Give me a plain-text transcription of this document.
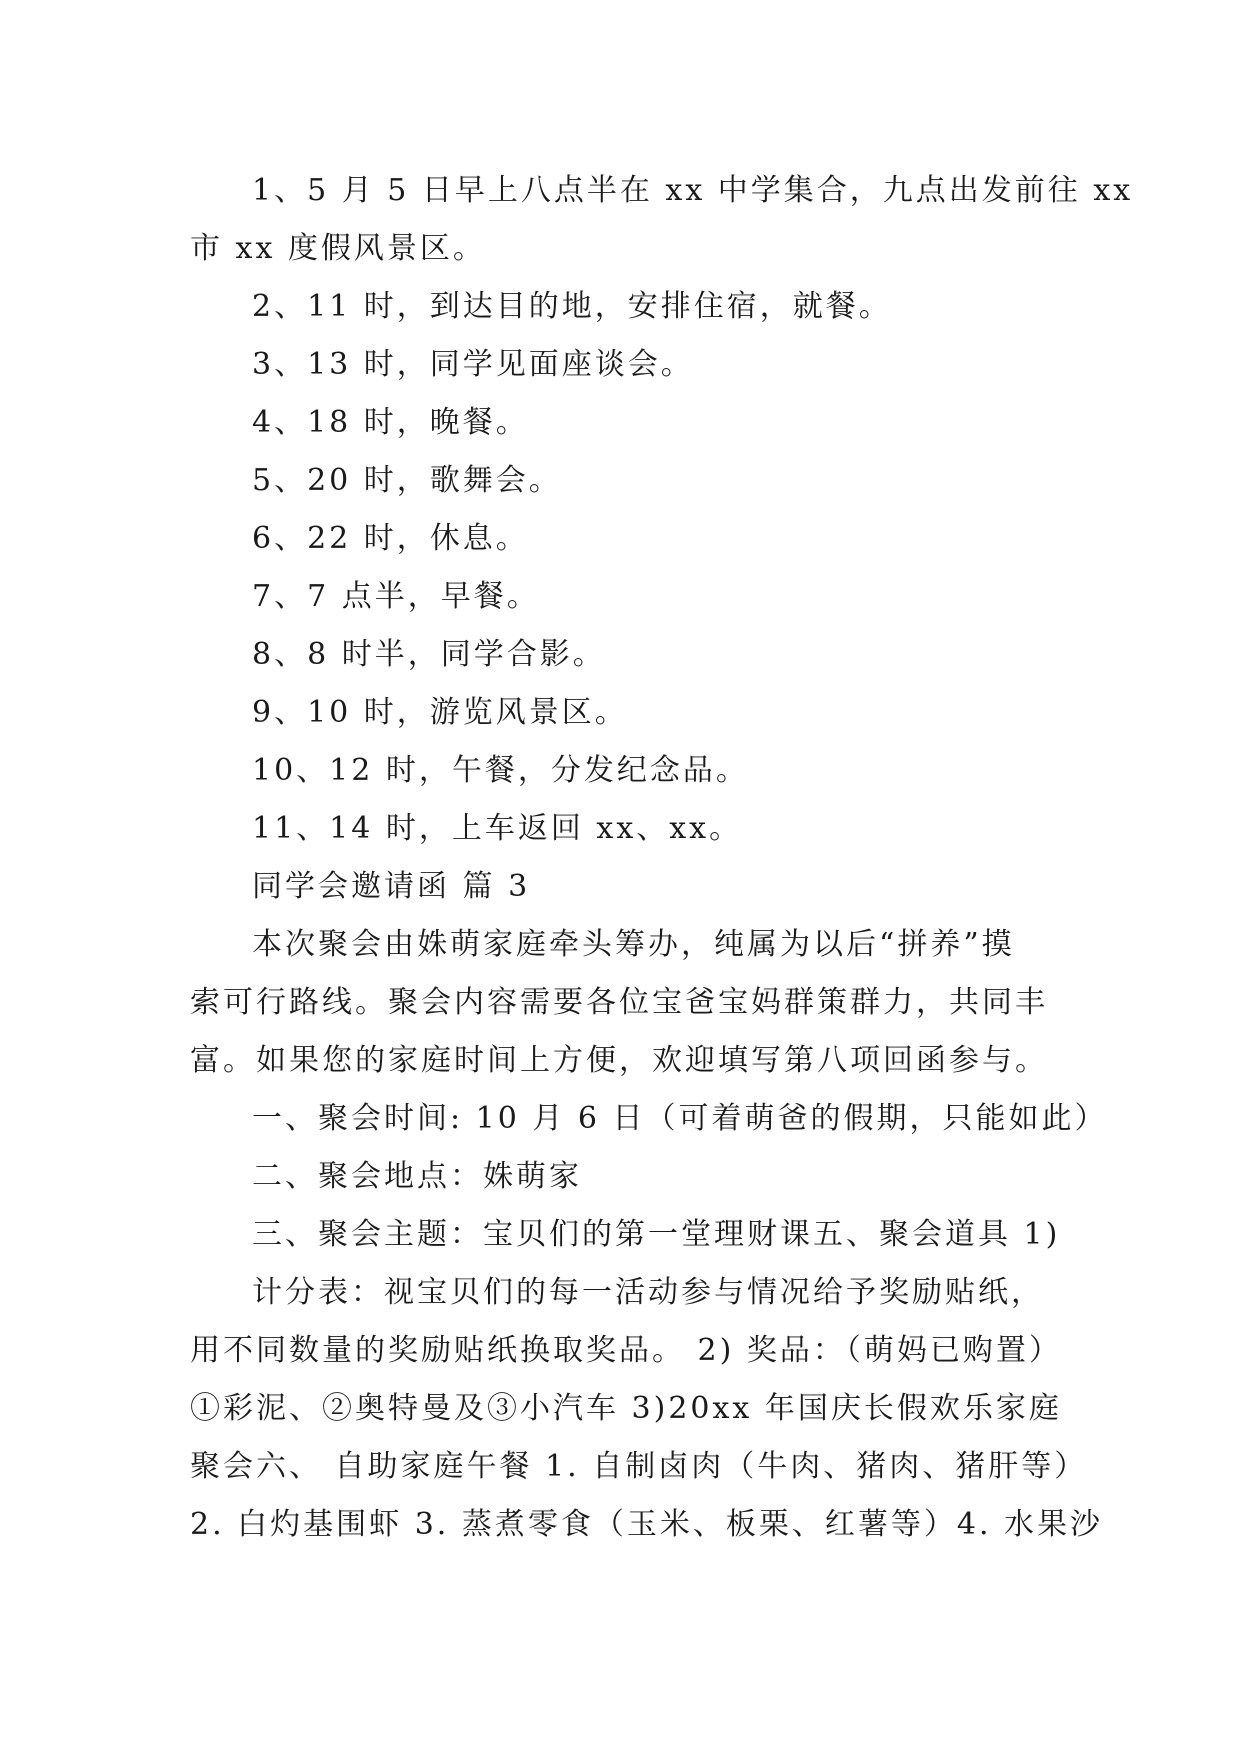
1、5 月 5 日早上八点半在 xx 中学集合，九点出发前往 xx
市 xx 度假风景区。
2、11 时，到达目的地，安排住宿，就餐。
3、13 时，同学见面座谈会。
4、18 时，晚餐。
5、20 时，歌舞会。
6、22 时，休息。
7、7 点半，早餐。
8、8 时半，同学合影。
9、10 时，游览风景区。
10、12 时，午餐，分发纪念品。
11、14 时，上车返回 xx、xx。
同学会邀请函 篇 3
本次聚会由姝萌家庭牵头筹办，纯属为以后“拼养”摸
索可行路线。聚会内容需要各位宝爸宝妈群策群力，共同丰
富。如果您的家庭时间上方便，欢迎填写第八项回函参与。
一、聚会时间: 10 月 6 日（可着萌爸的假期，只能如此）
二、聚会地点：姝萌家
三、聚会主题：宝贝们的第一堂理财课五、聚会道具 1)
计分表：视宝贝们的每一活动参与情况给予奖励贴纸，
用不同数量的奖励贴纸换取奖品。 2) 奖品：（萌妈已购置）
①彩泥、②奥特曼及③小汽车 3)20xx 年国庆长假欢乐家庭
聚会六、 自助家庭午餐 1. 自制卤肉（牛肉、猪肉、猪肝等）
2. 白灼基围虾 3. 蒸煮零食（玉米、板栗、红薯等）4. 水果沙
